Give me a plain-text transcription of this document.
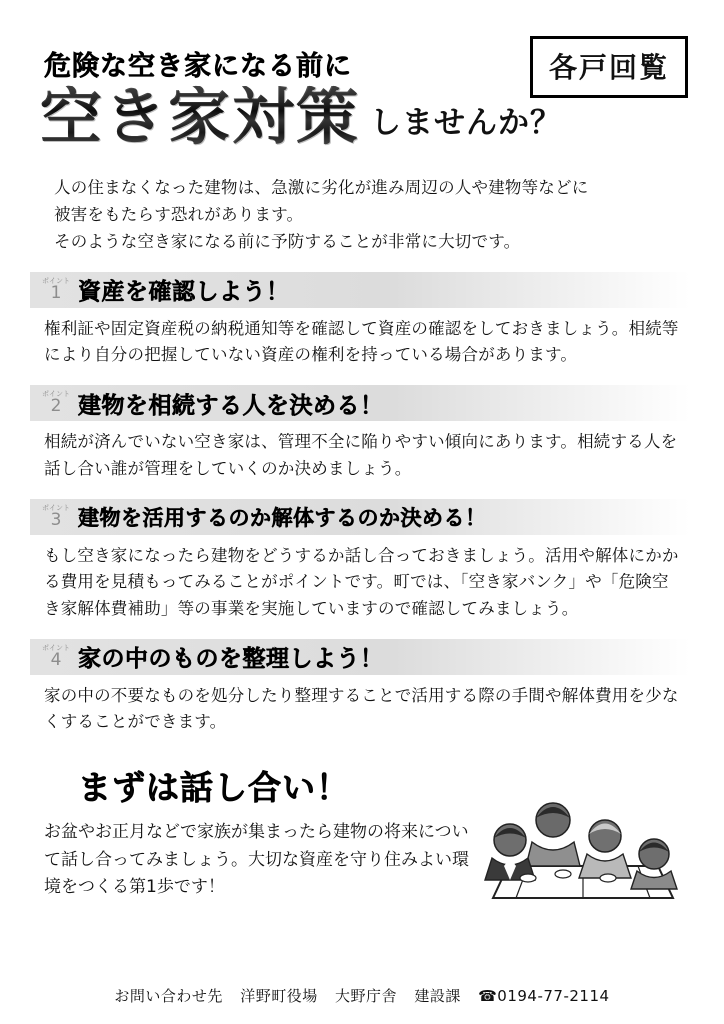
危険な空き家になる前に	各戸回覧
空き家対策 しませんか？
人の住まなくなった建物は、急激に劣化が進み周辺の人や建物等などに
被害をもたらす恐れがあります。
そのような空き家になる前に予防することが非常に大切です。
ポイント
1 資産を確認しよう！
権利証や固定資産税の納税通知等を確認して資産の確認をしておきましょう。相続等により自分の把握していない資産の権利を持っている場合があります。
ポイント
2 建物を相続する人を決める！
相続が済んでいない空き家は、管理不全に陥りやすい傾向にあります。相続する人を話し合い誰が管理をしていくのか決めましょう。
ポイント
3 建物を活用するのか解体するのか決める！
もし空き家になったら建物をどうするか話し合っておきましょう。活用や解体にかかる費用を見積もってみることがポイントです。町では、「空き家バンク」や「危険空き家解体費補助」等の事業を実施していますので確認してみましょう。
ポイント
4 家の中のものを整理しよう！
家の中の不要なものを処分したり整理することで活用する際の手間や解体費用を少なくすることができます。
まずは話し合い！
お盆やお正月などで家族が集まったら建物の将来について話し合ってみましょう。大切な資産を守り住みよい環境をつくる第1歩です！
お問い合わせ先 洋野町役場 大野庁舎 建設課 ☎0194-77-2114
